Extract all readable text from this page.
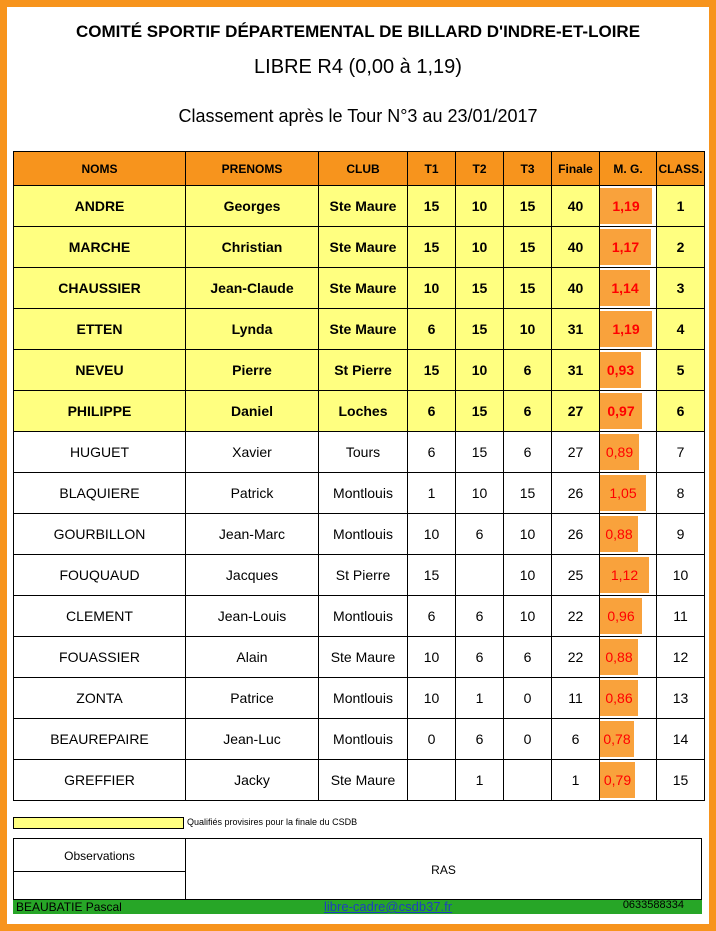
COMITÉ SPORTIF DÉPARTEMENTAL DE BILLARD D'INDRE-ET-LOIRE
LIBRE R4 (0,00 à 1,19)
Classement après le Tour N°3 au 23/01/2017
NOMS	PRENOMS	CLUB	T1	T2	T3	Finale	M. G.	CLASS.
ANDRE	Georges	Ste Maure	15	10	15	40	1,19	1
MARCHE	Christian	Ste Maure	15	10	15	40	1,17	2
CHAUSSIER	Jean-Claude	Ste Maure	10	15	15	40	1,14	3
ETTEN	Lynda	Ste Maure	6	15	10	31	1,19	4
NEVEU	Pierre	St Pierre	15	10	6	31	0,93	5
PHILIPPE	Daniel	Loches	6	15	6	27	0,97	6
HUGUET	Xavier	Tours	6	15	6	27	0,89	7
BLAQUIERE	Patrick	Montlouis	1	10	15	26	1,05	8
GOURBILLON	Jean-Marc	Montlouis	10	6	10	26	0,88	9
FOUQUAUD	Jacques	St Pierre	15		10	25	1,12	10
CLEMENT	Jean-Louis	Montlouis	6	6	10	22	0,96	11
FOUASSIER	Alain	Ste Maure	10	6	6	22	0,88	12
ZONTA	Patrice	Montlouis	10	1	0	11	0,86	13
BEAUREPAIRE	Jean-Luc	Montlouis	0	6	0	6	0,78	14
GREFFIER	Jacky	Ste Maure		1		1	0,79	15
Qualifiés provisires pour la finale du CSDB
Observations
RAS
BEAUBATIE Pascal	libre-cadre@csdb37.fr	0633588334
